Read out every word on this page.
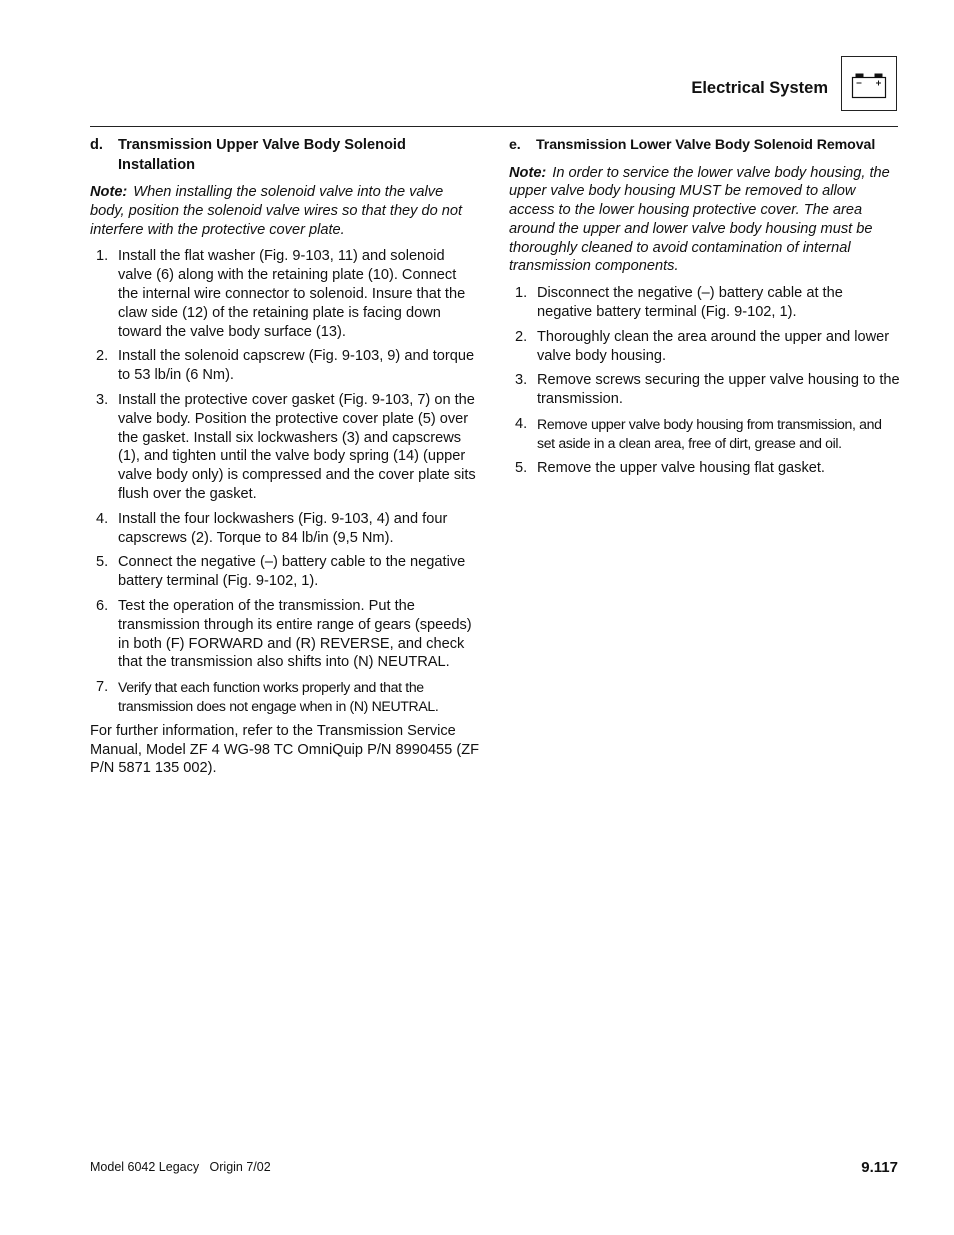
Electrical System
d.	Transmission Upper Valve Body Solenoid Installation

Note: When installing the solenoid valve into the valve body, position the solenoid valve wires so that they do not interfere with the protective cover plate.

1. Install the flat washer (Fig. 9-103, 11) and solenoid valve (6) along with the retaining plate (10). Connect the internal wire connector to solenoid. Insure that the claw side (12) of the retaining plate is facing down toward the valve body surface (13).
2. Install the solenoid capscrew (Fig. 9-103, 9) and torque to 53 lb/in (6 Nm).
3. Install the protective cover gasket (Fig. 9-103, 7) on the valve body. Position the protective cover plate (5) over the gasket. Install six lockwashers (3) and capscrews (1), and tighten until the valve body spring (14) (upper valve body only) is compressed and the cover plate sits flush over the gasket.
4. Install the four lockwashers (Fig. 9-103, 4) and four capscrews (2). Torque to 84 lb/in (9,5 Nm).
5. Connect the negative (–) battery cable to the negative battery terminal (Fig. 9-102, 1).
6. Test the operation of the transmission. Put the transmission through its entire range of gears (speeds) in both (F) FORWARD and (R) REVERSE, and check that the transmission also shifts into (N) NEUTRAL.
7. Verify that each function works properly and that the transmission does not engage when in (N) NEUTRAL.

For further information, refer to the Transmission Service Manual, Model ZF 4 WG-98 TC OmniQuip P/N 8990455 (ZF P/N 5871 135 002).

e.	Transmission Lower Valve Body Solenoid Removal

Note: In order to service the lower valve body housing, the upper valve body housing MUST be removed to allow access to the lower housing protective cover. The area around the upper and lower valve body housing must be thoroughly cleaned to avoid contamination of internal transmission components.

1. Disconnect the negative (–) battery cable at the negative battery terminal (Fig. 9-102, 1).
2. Thoroughly clean the area around the upper and lower valve body housing.
3. Remove screws securing the upper valve housing to the transmission.
4. Remove upper valve body housing from transmission, and set aside in a clean area, free of dirt, grease and oil.
5. Remove the upper valve housing flat gasket.
Model 6042 Legacy   Origin 7/02	9.117
